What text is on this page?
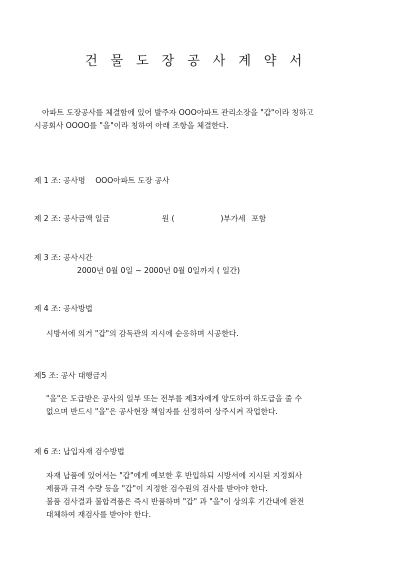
건물도장공사계약서
아파트 도장공사를 체결함에 있어 발주자 OOO아파트 관리소장을 "갑"이라 칭하고
시공회사 OOOO를 "을"이라 칭하여 아래 조항을 체결한다.
제 1 조: 공사명 OOO아파트 도장 공사
제 2 조: 공사금액 일금	원 (	)부가세 포함
제 3 조: 공사시간
2000년 0월 0일 ~ 2000년 0월 0일까지 ( 일간)
제 4 조: 공사방법
시방서에 의거 "갑"의 감독관의 지시에 순응하며 시공한다.
제5 조: 공사 대행금지
"을"은 도급받은 공사의 일부 또는 전부를 제3자에게 양도하여 하도급을 줄 수
없으며 반드시 "을"은 공사현장 책임자를 선정하여 상주시켜 작업한다.
제 6 조: 납입자재 검수방법
자재 납품에 있어서는 "갑"에게 예보한 후 반입하되 시방서에 지시된 지정회사
제품과 규격 수량 등을 "갑"이 지정한 검수원의 검사를 받아야 한다.
불품 검사결과 불합격품은 즉시 반품하며 "갑" 과 "을"이 상의후 기간내에 완전
대체하여 재검사를 받아야 한다.
